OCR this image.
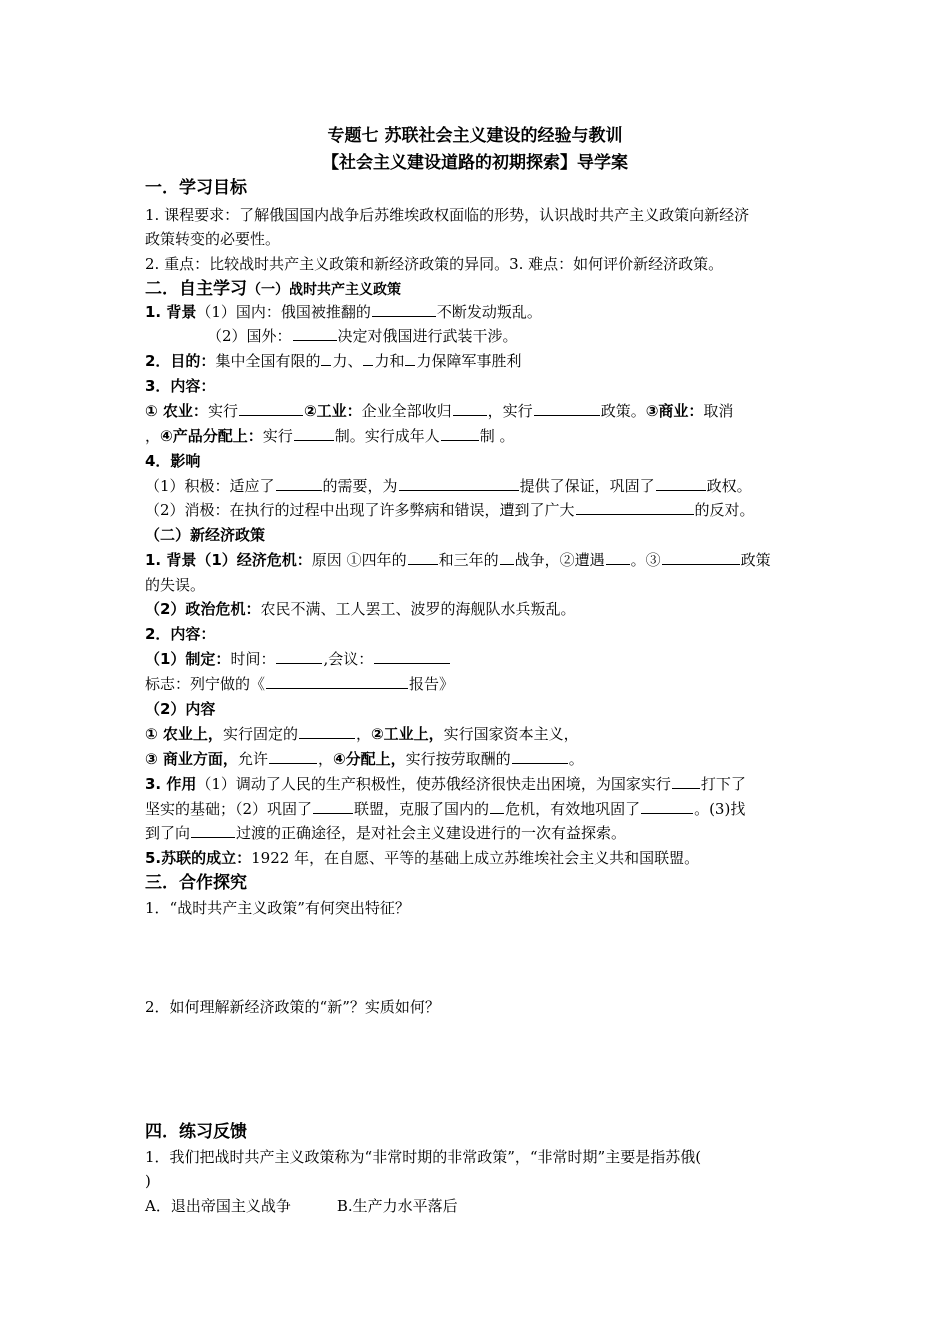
专题七 苏联社会主义建设的经验与教训
【社会主义建设道路的初期探索】导学案
一．学习目标
1. 课程要求：了解俄国国内战争后苏维埃政权面临的形势，认识战时共产主义政策向新经济
政策转变的必要性。
2. 重点：比较战时共产主义政策和新经济政策的异同。3. 难点：如何评价新经济政策。
二．自主学习（一）战时共产主义政策
1. 背景（1）国内：俄国被推翻的	不断发动叛乱。
（2）国外：	决定对俄国进行武装干涉。
2．目的：集中全国有限的 力、 力和 力保障军事胜利
3．内容：
① 农业：实行	②工业：企业全部收归 ，实行	政策。③商业：取消
，④产品分配上：实行	制。实行成年人	制 。
4．影响
（1）积极：适应了	的需要，为	提供了保证，巩固了	政权。
（2）消极：在执行的过程中出现了许多弊病和错误，遭到了广大	的反对。
（二）新经济政策
1. 背景（1）经济危机：原因 ①四年的 和三年的 战争，②遭遇 。③	政策
的失误。
（2）政治危机：农民不满、工人罢工、波罗的海舰队水兵叛乱。
2．内容：
（1）制定：时间：	,会议：
标志：列宁做的《	报告》
（2）内容
① 农业上，实行固定的	，②工业上，实行国家资本主义，
③ 商业方面，允许	，④分配上，实行按劳取酬的	。
3. 作用（1）调动了人民的生产积极性，使苏俄经济很快走出困境，为国家实行 打下了
坚实的基础；（2）巩固了	联盟，克服了国内的 危机，有效地巩固了	。(3)找
到了向	过渡的正确途径，是对社会主义建设进行的一次有益探索。
5.苏联的成立：1922 年，在自愿、平等的基础上成立苏维埃社会主义共和国联盟。
三．合作探究
1．“战时共产主义政策”有何突出特征？
2．如何理解新经济政策的“新”？实质如何？
四．练习反馈
1．我们把战时共产主义政策称为“非常时期的非常政策”，“非常时期”主要是指苏俄(
)
A．退出帝国主义战争	B.生产力水平落后
